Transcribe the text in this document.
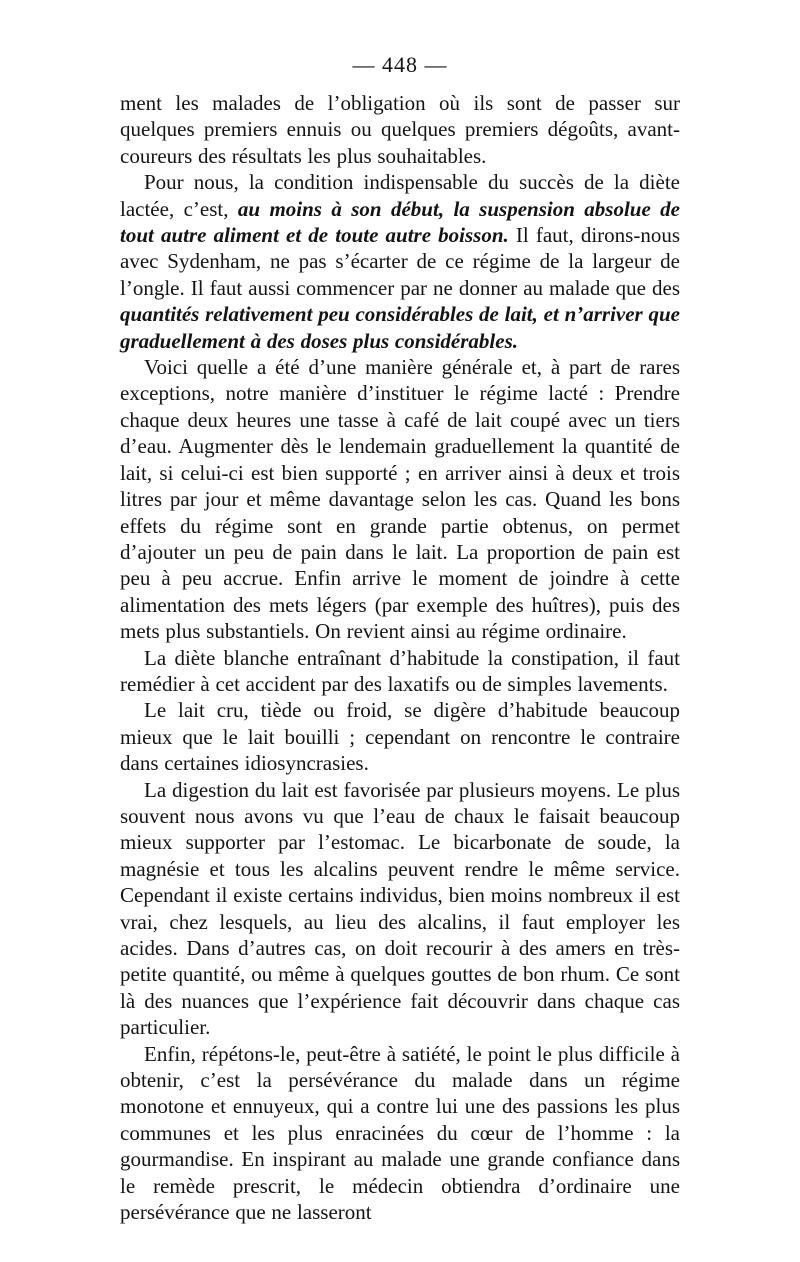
— 448 —

ment les malades de l’obligation où ils sont de passer sur quelques premiers ennuis ou quelques premiers dégoûts, avant-coureurs des résultats les plus souhaitables.

Pour nous, la condition indispensable du succès de la diète lactée, c’est, au moins à son début, la suspension absolue de tout autre aliment et de toute autre boisson. Il faut, dirons-nous avec Sydenham, ne pas s’écarter de ce régime de la largeur de l’ongle. Il faut aussi commencer par ne donner au malade que des quantités relativement peu considérables de lait, et n’arriver que graduellement à des doses plus considérables.

Voici quelle a été d’une manière générale et, à part de rares exceptions, notre manière d’instituer le régime lacté : Prendre chaque deux heures une tasse à café de lait coupé avec un tiers d’eau. Augmenter dès le lendemain graduellement la quantité de lait, si celui-ci est bien supporté ; en arriver ainsi à deux et trois litres par jour et même davantage selon les cas. Quand les bons effets du régime sont en grande partie obtenus, on permet d’ajouter un peu de pain dans le lait. La proportion de pain est peu à peu accrue. Enfin arrive le moment de joindre à cette alimentation des mets légers (par exemple des huîtres), puis des mets plus substantiels. On revient ainsi au régime ordinaire.

La diète blanche entraînant d’habitude la constipation, il faut remédier à cet accident par des laxatifs ou de simples lavements.

Le lait cru, tiède ou froid, se digère d’habitude beaucoup mieux que le lait bouilli ; cependant on rencontre le contraire dans certaines idiosyncrasies.

La digestion du lait est favorisée par plusieurs moyens. Le plus souvent nous avons vu que l’eau de chaux le faisait beaucoup mieux supporter par l’estomac. Le bicarbonate de soude, la magnésie et tous les alcalins peuvent rendre le même service. Cependant il existe certains individus, bien moins nombreux il est vrai, chez lesquels, au lieu des alcalins, il faut employer les acides. Dans d’autres cas, on doit recourir à des amers en très-petite quantité, ou même à quelques gouttes de bon rhum. Ce sont là des nuances que l’expérience fait découvrir dans chaque cas particulier.

Enfin, répétons-le, peut-être à satiété, le point le plus difficile à obtenir, c’est la persévérance du malade dans un régime monotone et ennuyeux, qui a contre lui une des passions les plus communes et les plus enracinées du cœur de l’homme : la gourmandise. En inspirant au malade une grande confiance dans le remède prescrit, le médecin obtiendra d’ordinaire une persévérance que ne lasseront
